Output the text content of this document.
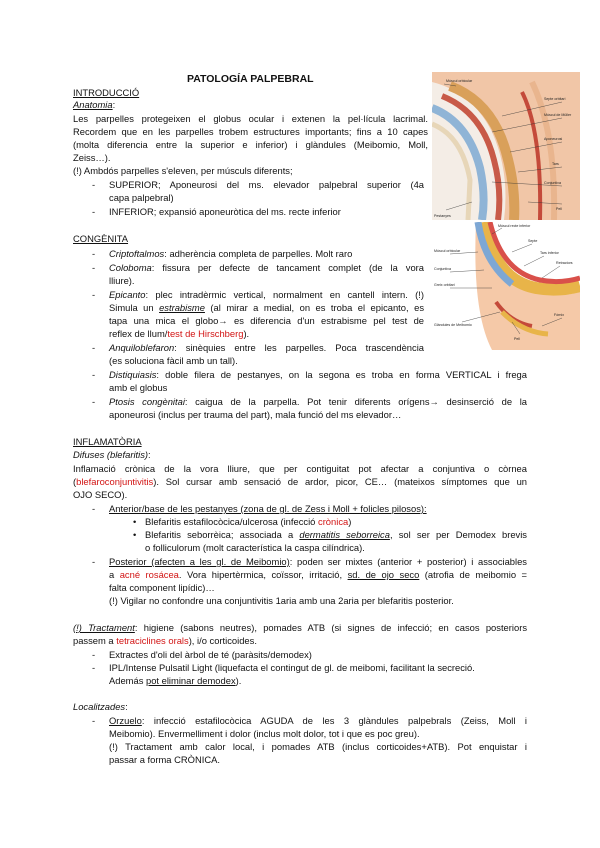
PATOLOGÍA PALPEBRAL
INTRODUCCIÓ
Anatomia:
Les parpelles protegeixen el globus ocular i extenen la pel·lícula lacrimal.
Recordem que en les parpelles trobem estructures importants; fins a 10 capes
(molta diferencia entre la superior e inferior) i glàndules (Meibomio, Moll,
Zeiss…).
(!) Ambdós parpelles s'eleven, per músculs diferents;
- SUPERIOR; Aponeurosi del ms. elevador palpebral superior (4a
capa palpebral)
- INFERIOR; expansió aponeuròtica del ms. recte inferior
CONGÈNITA
- Criptoftalmos: adherència completa de parpelles. Molt raro
- Coloboma: fissura per defecte de tancament complet (de la vora
lliure).
- Epicanto: plec intradèrmic vertical, normalment en cantell intern. (!)
Simula un estrabisme (al mirar a medial, on es troba el epicanto, es
tapa una mica el globo→ es diferencia d'un estrabisme pel test de
reflex de llum/test de Hirschberg).
- Anquiloblefaron: sinèquies entre les parpelles. Poca trascendència
(es soluciona fàcil amb un tall).
- Distiquiasis: doble filera de pestanyes, on la segona es troba en forma VERTICAL i frega
amb el globus
- Ptosis congènitai: caigua de la parpella. Pot tenir diferents orígens→ desinserció de la
aponeurosi (inclus per trauma del part), mala funció del ms elevador…
INFLAMATÒRIA
Difuses (blefaritis):
Inflamació crònica de la vora lliure, que per contiguitat pot afectar a conjuntiva o còrnea
(blefaroconjuntivitis). Sol cursar amb sensació de ardor, picor, CE… (mateixos símptomes que un
OJO SECO).
- Anterior/base de les pestanyes (zona de gl. de Zess i Moll + folicles pilosos):
• Blefaritis estafilocòcica/ulcerosa (infecció crònica)
• Blefaritis seborrèica; associada a dermatitis seborreica, sol ser per Demodex brevis
o folliculorum (molt característica la caspa cilíndrica).
- Posterior (afecten a les gl. de Meibomio): poden ser mixtes (anterior + posterior) i associables
a acné rosácea. Vora hipertèrmica, coïssor, irritació, sd. de ojo seco (atrofia de meibomio =
falta component lipídic)…
(!) Vigilar no confondre una conjuntivitis 1aria amb una 2aria per blefaritis posterior.
(!) Tractament: higiene (sabons neutres), pomades ATB (si signes de infecció; en casos posteriors
passem a tetraciclines orals), i/o corticoides.
- Extractes d'oli del àrbol de té (paràsits/demodex)
- IPL/Intense Pulsatil Light (liquefacta el contingut de gl. de meibomi, facilitant la secreció.
Además pot eliminar demodex).
Localitzades:
- Orzuelo: infecció estafilocòcica AGUDA de les 3 glàndules palpebrals (Zeiss, Moll i
Meibomio). Envermelliment i dolor (inclus molt dolor, tot i que es poc greu).
(!) Tractament amb calor local, i pomades ATB (inclus corticoides+ATB). Pot enquistar i
passar a forma CRÒNICA.
Múscul orbicular
Septe orbitari
Múscul de Müller
Aponeurosi
Tars
Conjuntiva
Pestanyes
Pell
Múscul recte inferior
Septe
Tars inferior
Retractors
Múscul orbicular
Conjuntiva
Greix orbitari
Glàndules de Meibomio
Pell
Fòrnix
